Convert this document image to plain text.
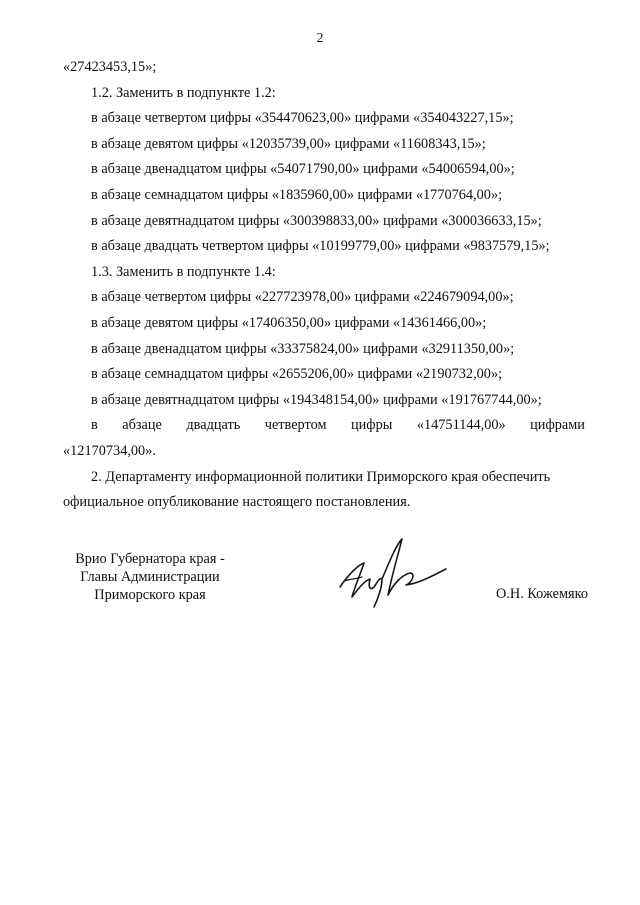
2
«27423453,15»;
1.2. Заменить в подпункте 1.2:
в абзаце четвертом цифры «354470623,00» цифрами «354043227,15»;
в абзаце девятом цифры «12035739,00» цифрами «11608343,15»;
в абзаце двенадцатом цифры «54071790,00» цифрами «54006594,00»;
в абзаце семнадцатом цифры «1835960,00» цифрами «1770764,00»;
в абзаце девятнадцатом цифры «300398833,00» цифрами «300036633,15»;
в абзаце двадцать четвертом цифры «10199779,00» цифрами «9837579,15»;
1.3. Заменить в подпункте 1.4:
в абзаце четвертом цифры «227723978,00» цифрами «224679094,00»;
в абзаце девятом цифры «17406350,00» цифрами «14361466,00»;
в абзаце двенадцатом цифры «33375824,00» цифрами «32911350,00»;
в абзаце семнадцатом цифры «2655206,00» цифрами «2190732,00»;
в абзаце девятнадцатом цифры «194348154,00» цифрами «191767744,00»;
в абзаце двадцать четвертом цифры «14751144,00» цифрами
«12170734,00».
2. Департаменту информационной политики Приморского края обеспечить
официальное опубликование настоящего постановления.
Врио Губернатора края -
Главы Администрации
Приморского края	О.Н. Кожемяко
